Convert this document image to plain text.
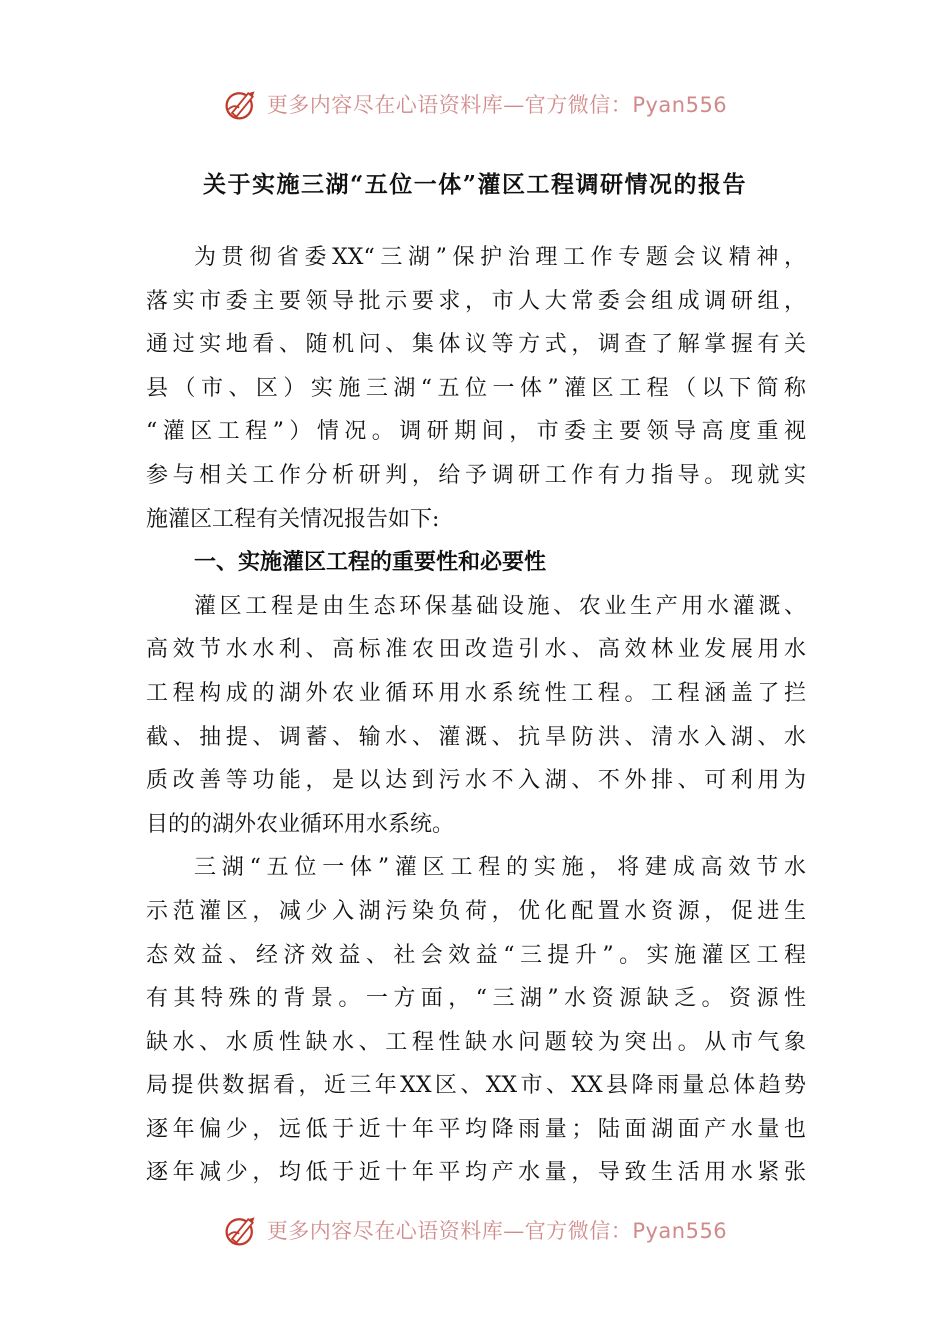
更多内容尽在心语资料库—官方微信：Pyan556
关于实施三湖“五位一体”灌区工程调研情况的报告
为贯彻省委XX“三湖”保护治理工作专题会议精神，
落实市委主要领导批示要求，市人大常委会组成调研组，
通过实地看、随机问、集体议等方式，调查了解掌握有关
县（市、区）实施三湖“五位一体”灌区工程（以下简称
“灌区工程”）情况。调研期间，市委主要领导高度重视
参与相关工作分析研判，给予调研工作有力指导。现就实
施灌区工程有关情况报告如下:
一、实施灌区工程的重要性和必要性
灌区工程是由生态环保基础设施、农业生产用水灌溉、
高效节水水利、高标准农田改造引水、高效林业发展用水
工程构成的湖外农业循环用水系统性工程。工程涵盖了拦
截、抽提、调蓄、输水、灌溉、抗旱防洪、清水入湖、水
质改善等功能，是以达到污水不入湖、不外排、可利用为
目的的湖外农业循环用水系统。
三湖“五位一体”灌区工程的实施，将建成高效节水
示范灌区，减少入湖污染负荷，优化配置水资源，促进生
态效益、经济效益、社会效益“三提升”。实施灌区工程
有其特殊的背景。一方面，“三湖”水资源缺乏。资源性
缺水、水质性缺水、工程性缺水问题较为突出。从市气象
局提供数据看，近三年XX区、XX市、XX县降雨量总体趋势
逐年偏少，远低于近十年平均降雨量；陆面湖面产水量也
逐年减少，均低于近十年平均产水量，导致生活用水紧张
更多内容尽在心语资料库—官方微信：Pyan556
